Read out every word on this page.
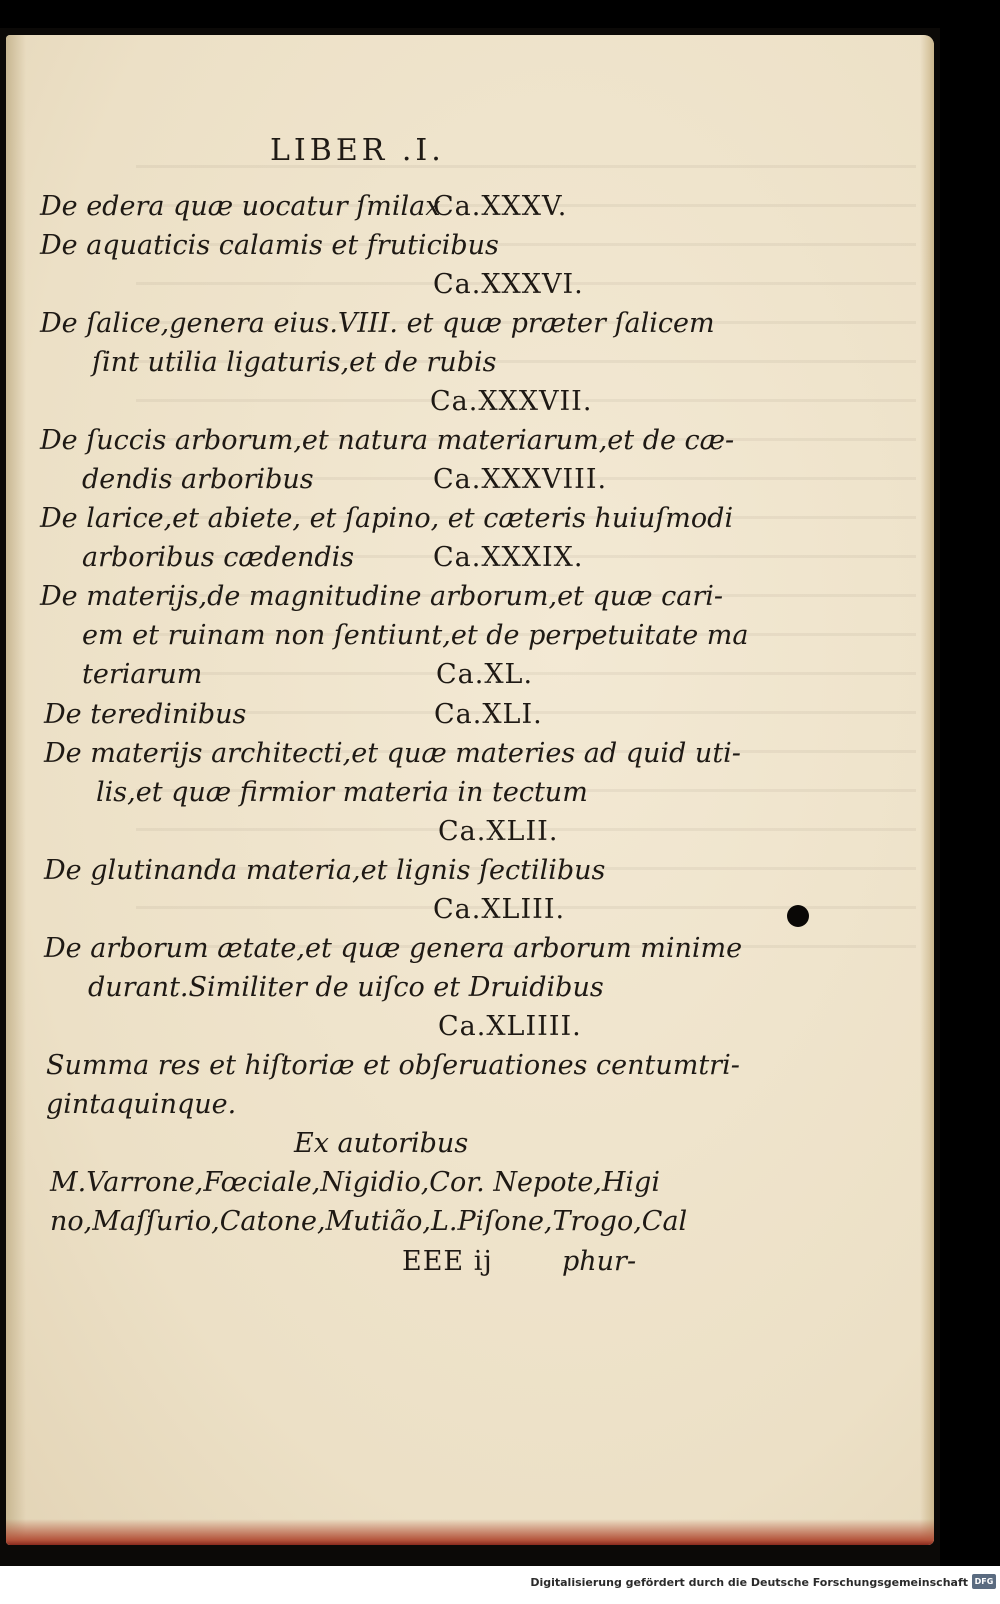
LIBER .I.
De edera quæ uocatur ſmilax
Ca.XXXV.
De aquaticis calamis et fruticibus
Ca.XXXVI.
De ſalice,genera eius.VIII. et quæ præter ſalicem
ſint utilia ligaturis,et de rubis
Ca.XXXVII.
De ſuccis arborum,et natura materiarum,et de cæ-
dendis arboribus	Ca.XXXVIII.
De larice,et abiete, et ſapino, et cæteris huiuſmodi
arboribus cædendis	Ca.XXXIX.
De materijs,de magnitudine arborum,et quæ cari-
em et ruinam non ſentiunt,et de perpetuitate ma
teriarum	Ca.XL.
De teredinibus	Ca.XLI.
De materijs architecti,et quæ materies ad quid uti-
lis,et quæ firmior materia in tectum
Ca.XLII.
De glutinanda materia,et lignis ſectilibus
Ca.XLIII.
De arborum ætate,et quæ genera arborum minime
durant.Similiter de uiſco et Druidibus
Ca.XLIIII.
Summa res et hiſtoriæ et obſeruationes centumtri-
gintaquinque.
Ex autoribus
M.Varrone,Fœciale,Nigidio,Cor. Nepote,Higi
no,Maſſurio,Catone,Mutião,L.Piſone,Trogo,Cal
EEE ij	phur-
Digitalisierung gefördert durch die Deutsche Forschungsgemeinschaft DFG
